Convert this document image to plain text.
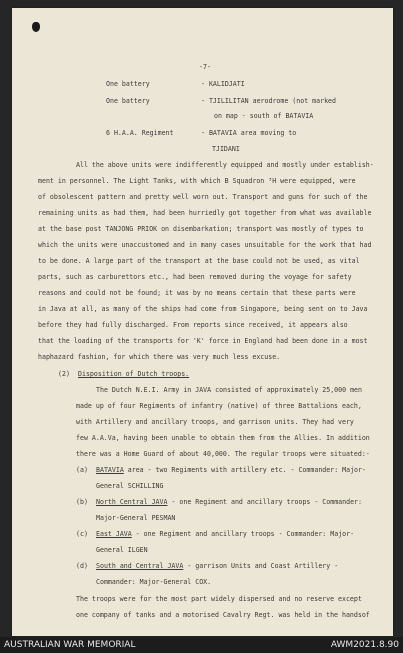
-7-
One battery	- KALIDJATI
One battery	- TJILILITAN aerodrome (not marked
on map - south of BATAVIA
6 H.A.A. Regiment	- BATAVIA area moving to
TJIDANI
All the above units were indifferently equipped and mostly under establish-
ment in personnel. The Light Tanks, with which B Squadron ³H were equipped, were
of obsolescent pattern and pretty well worn out. Transport and guns for such of the
remaining units as had them, had been hurriedly got together from what was available
at the base post TANJONG PRIOK on disembarkation; transport was mostly of types to
which the units were unaccustomed and in many cases unsuitable for the work that had
to be done. A large part of the transport at the base could not be used, as vital
parts, such as carburettors etc., had been removed during the voyage for safety
reasons and could not be found; it was by no means certain that these parts were
in Java at all, as many of the ships had come from Singapore, being sent on to Java
before they had fully discharged. From reports since received, it appears also
that the loading of the transports for 'K' force in England had been done in a most
haphazard fashion, for which there was very much less excuse.
(2) Disposition of Dutch troops.
The Dutch N.E.I. Army in JAVA consisted of approximately 25,000 men
made up of four Regiments of infantry (native) of three Battalions each,
with Artillery and ancillary troops, and garrison units. They had very
few A.A.Va, having been unable to obtain them from the Allies. In addition
there was a Home Guard of about 40,000. The regular troops were situated:-
(a) BATAVIA area - two Regiments with artillery etc. - Commander: Major-
General SCHILLING
(b) North Central JAVA - one Regiment and ancillary troops - Commander:
Major-General PESMAN
(c) East JAVA - one Regiment and ancillary troops - Commander: Major-
General ILGEN
(d) South and Central JAVA - garrison Units and Coast Artillery -
Commander: Major-General COX.
The troops were for the most part widely dispersed and no reserve except
one company of tanks and a motorised Cavalry Regt. was held in the handsof
AUSTRALIAN WAR MEMORIAL	AWM2021.8.90
